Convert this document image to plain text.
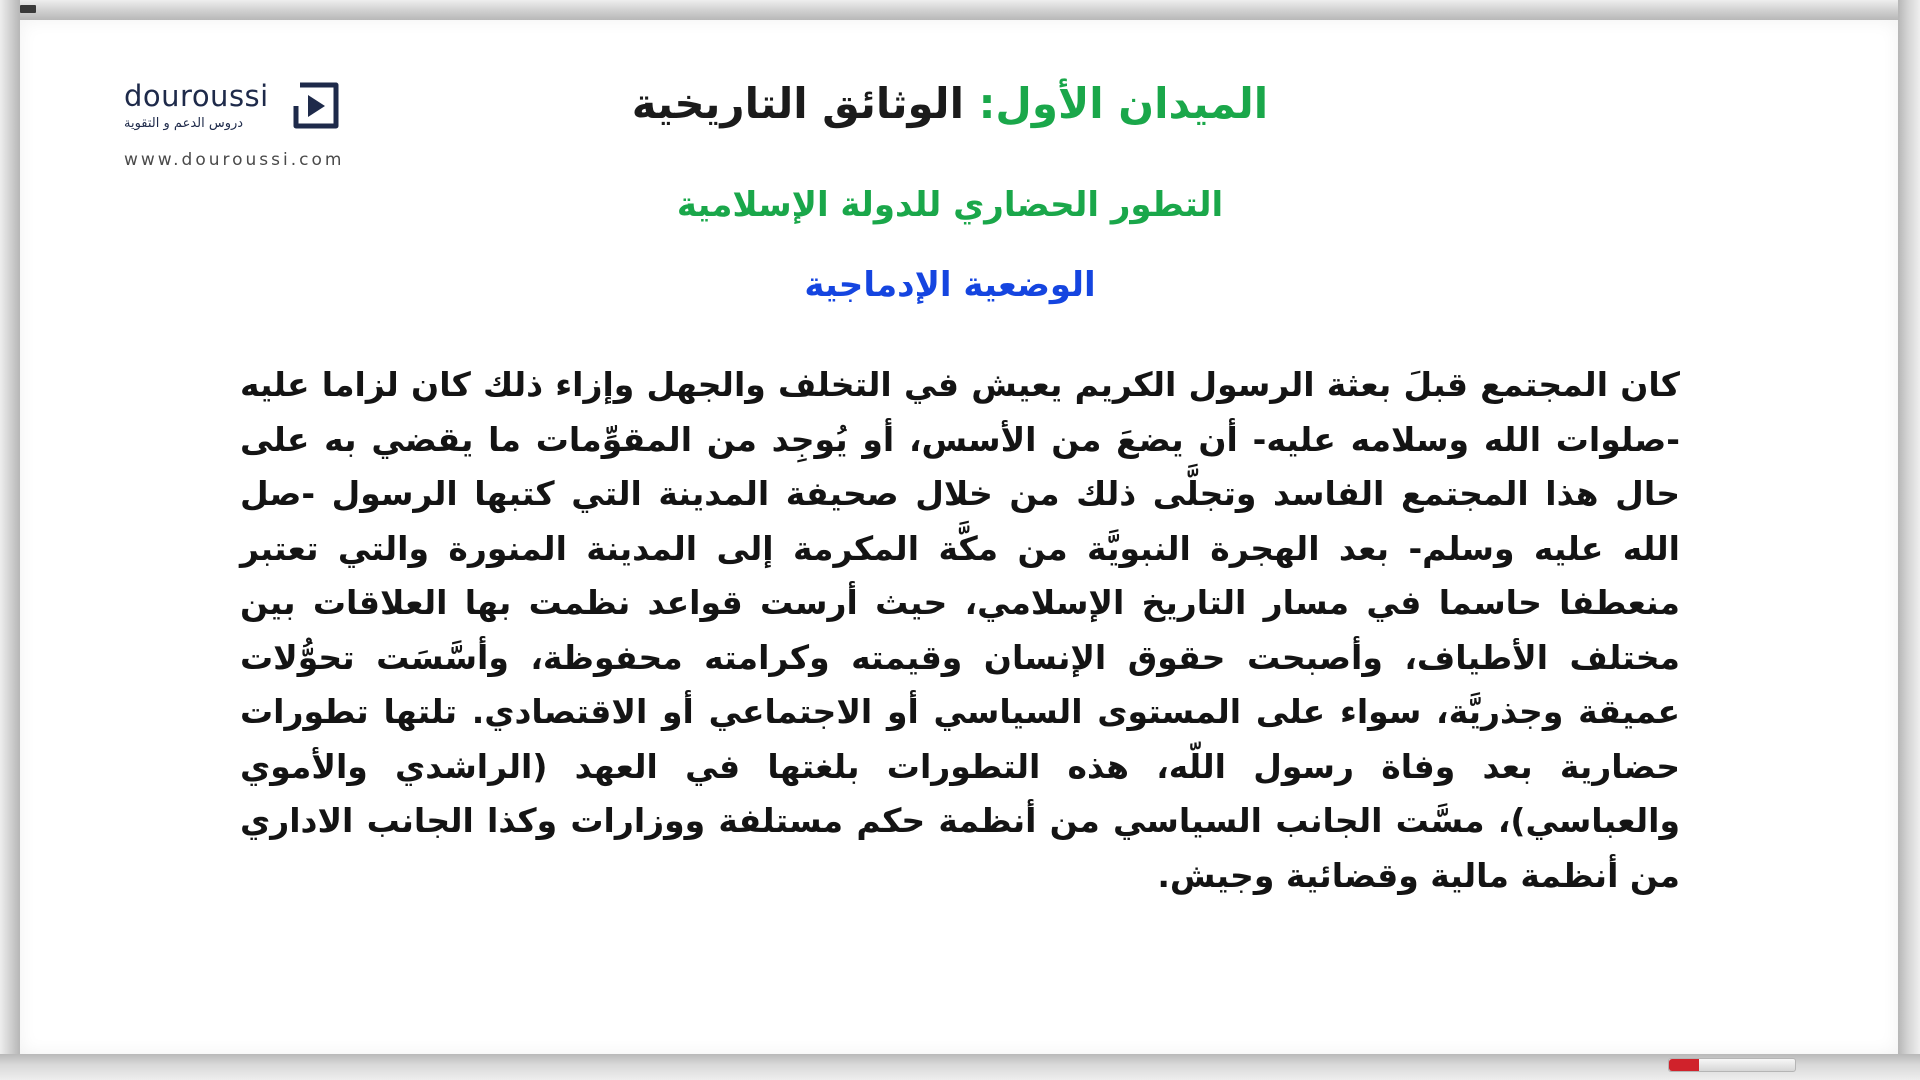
douroussi
دروس الدعم و التقوية
www.douroussi.com
الميدان الأول: الوثائق التاريخية
التطور الحضاري للدولة الإسلامية
الوضعية الإدماجية
كان المجتمع قبلَ بعثة الرسول الكريم يعيش في التخلف والجهل وإزاء ذلك كان لزاما عليه -صلوات الله وسلامه عليه- أن يضعَ من الأسس، أو يُوجِد من المقوِّمات ما يقضي به على حال هذا المجتمع الفاسد وتجلَّى ذلك من خلال صحيفة المدينة التي كتبها الرسول -صل الله عليه وسلم- بعد الهجرة النبويَّة من مكَّة المكرمة إلى المدينة المنورة والتي تعتبر منعطفا حاسما في مسار التاريخ الإسلامي، حيث أرست قواعد نظمت بها العلاقات بين مختلف الأطياف، وأصبحت حقوق الإنسان وقيمته وكرامته محفوظة، وأسَّسَت تحوُّلات عميقة وجذريَّة، سواء على المستوى السياسي أو الاجتماعي أو الاقتصادي. تلتها تطورات حضارية بعد وفاة رسول اللّه، هذه التطورات بلغتها في العهد (الراشدي والأموي والعباسي)، مسَّت الجانب السياسي من أنظمة حكم مستلفة ووزارات وكذا الجانب الاداري من أنظمة مالية وقضائية وجيش.
